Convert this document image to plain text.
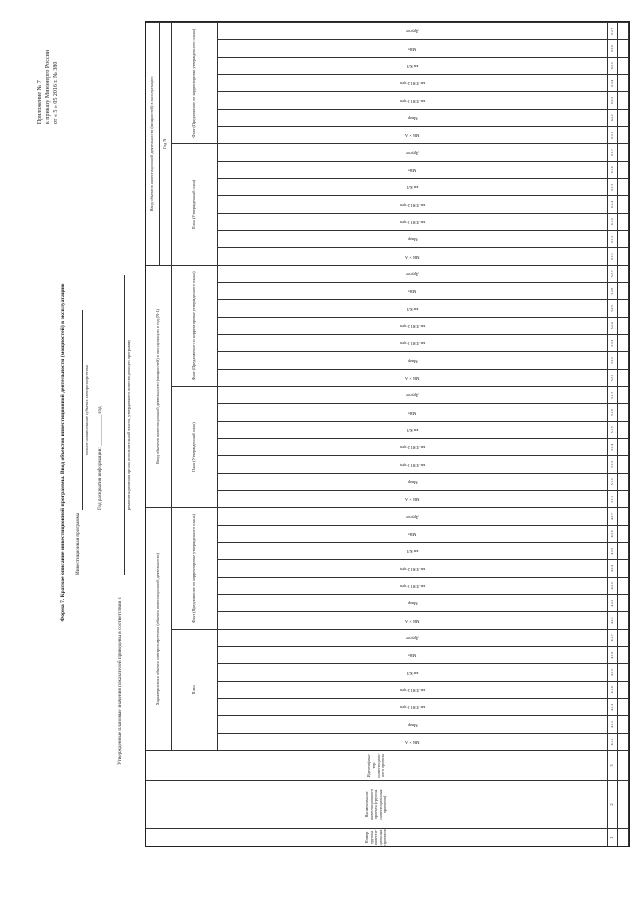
Приложение № 7 к приказу Минэнерго России от « 5 » 05 2016 г. № 380
Форма 7. Краткое описание инвестиционной программы. Ввод объектов инвестиционной деятельности (мощностей) в эксплуатацию Инвестиционная программа
полное наименование субъекта электроэнергетики Год раскрытия информации: ____________ год
Утвержденные плановые значения показателей приведены в соответствии с
реквизиты решения органа исполнительной власти, утвердившего инвестиционную программу
Номер группы инвести-ционных проектов
Наименование инвестиционного проекта (группы инвестиционных проектов)
Идентифика-тор инвестицион-ного проекта
Характеристики объекта электроэнергетики (объекта инвестиционной деятельности)
Ввод объектов инвестиционной деятельности (мощностей) в эксплуатацию в год (N-1)
Ввод объектов инвестиционной деятельности (мощностей) в эксплуатацию Год N
План
Факт (Предложение по корректировке утвержденного плана)
План (Утвержденный план)
Факт (Предложение по корректировке утвержденного плана)
План (Утвержденный план)
Факт (Предложение по корректировке утвержденного плана)
МВ×А
Мвар
км ЛЭП 1-цеп
км ЛЭП 2-цеп
км КЛ
МВт
Другое
МВ×А
Мвар
км ЛЭП 1-цеп
км ЛЭП 2-цеп
км КЛ
МВт
Другое
МВ×А
Мвар
км ЛЭП 1-цеп
км ЛЭП 2-цеп
км КЛ
МВт
Другое
МВ×А
Мвар
км ЛЭП 1-цеп
км ЛЭП 2-цеп
км КЛ
МВт
Другое
МВ×А
Мвар
км ЛЭП 1-цеп
км ЛЭП 2-цеп
км КЛ
МВт
Другое
МВ×А
Мвар
км ЛЭП 1-цеп
км ЛЭП 2-цеп
км КЛ
МВт
Другое
1
2
3
4.1.1
4.1.2
4.1.3
4.1.4
4.1.5
4.1.6
4.1.7
4.2.1
4.2.2
4.2.3
4.2.4
4.2.5
4.2.6
4.2.7
5.1.1
5.1.2
5.1.3
5.1.4
5.1.5
5.1.6
5.1.7
5.2.1
5.2.2
5.2.3
5.2.4
5.2.5
5.2.6
5.2.7
6.1.1
6.1.2
6.1.3
6.1.4
6.1.5
6.1.6
6.1.7
6.2.1
6.2.2
6.2.3
6.2.4
6.2.5
6.2.6
6.2.7
